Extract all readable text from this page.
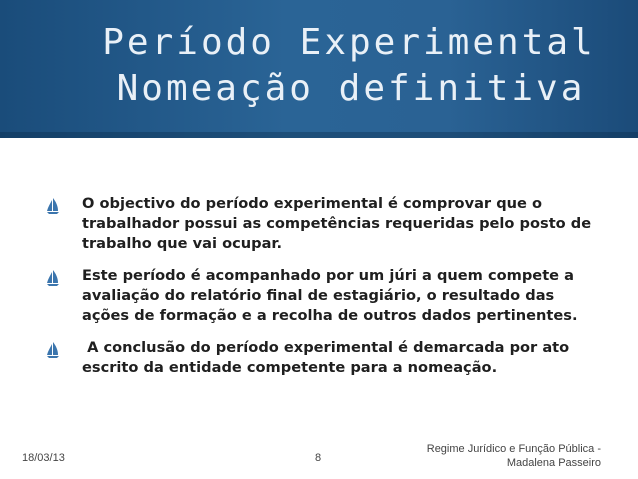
Período Experimental
Nomeação definitiva
O objectivo do período experimental é comprovar que o
trabalhador possui as competências requeridas pelo posto de
trabalho que vai ocupar.
Este período é acompanhado por um júri a quem compete a
avaliação do relatório final de estagiário, o resultado das
ações de formação e a recolha de outros dados pertinentes.
A conclusão do período experimental é demarcada por ato
escrito da entidade competente para a nomeação.
18/03/13	8
Regime Jurídico e Função Pública -
Madalena Passeiro
